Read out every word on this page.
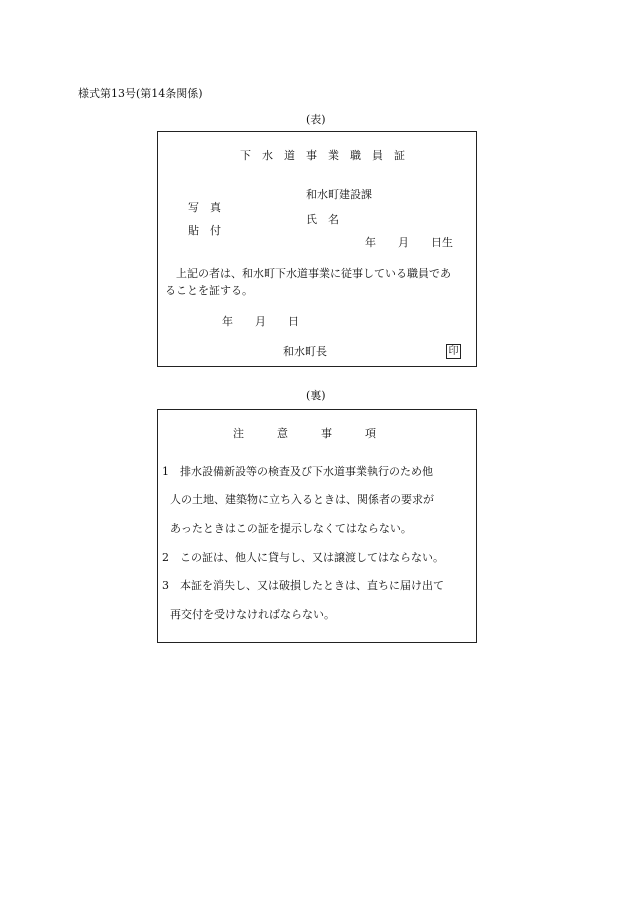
様式第13号(第14条関係)
(表)
下　水　道　事　業　職　員　証
写　真
貼　付
和水町建設課
氏　名
年　　月　　日生
上記の者は、和水町下水道事業に従事している職員であ
ることを証する。
年　　月　　日
和水町長	印
(裏)
注　　　意　　　事　　　項
1　排水設備新設等の検査及び下水道事業執行のため他
人の土地、建築物に立ち入るときは、関係者の要求が
あったときはこの証を提示しなくてはならない。
2　この証は、他人に貸与し、又は譲渡してはならない。
3　本証を消失し、又は破損したときは、直ちに届け出て
再交付を受けなければならない。
